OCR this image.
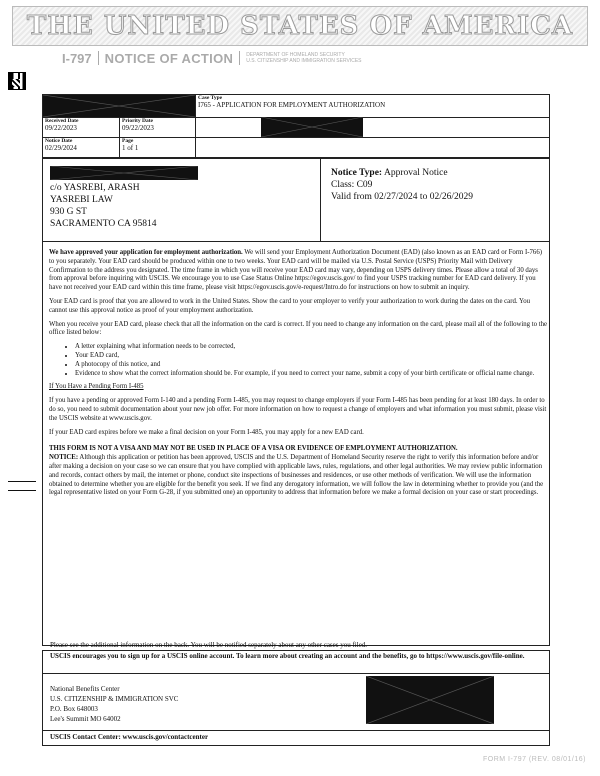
THE UNITED STATES OF AMERICA
I-797 NOTICE OF ACTION	DEPARTMENT OF HOMELAND SECURITY
U.S. CITIZENSHIP AND IMMIGRATION SERVICES
Case Type
I765 - APPLICATION FOR EMPLOYMENT AUTHORIZATION
Received Date
09/22/2023
Priority Date
09/22/2023
Notice Date
02/29/2024
Page
1 of 1
c/o YASREBI, ARASH
YASREBI LAW
930 G ST
SACRAMENTO CA 95814
Notice Type: Approval Notice
Class: C09
Valid from 02/27/2024 to 02/26/2029

We have approved your application for employment authorization. We will send your Employment Authorization Document (EAD) (also known as an EAD card or Form I-766) to you separately. Your EAD card should be produced within one to two weeks. Your EAD card will be mailed via U.S. Postal Service (USPS) Priority Mail with Delivery Confirmation to the address you designated. The time frame in which you will receive your EAD card may vary, depending on USPS delivery times. Please allow a total of 30 days from approval before inquiring with USCIS. We encourage you to use Case Status Online https://egov.uscis.gov/ to find your USPS tracking number for EAD card delivery. If you have not received your EAD card within this time frame, please visit https://egov.uscis.gov/e-request/Intro.do for instructions on how to submit an inquiry.

Your EAD card is proof that you are allowed to work in the United States. Show the card to your employer to verify your authorization to work during the dates on the card. You cannot use this approval notice as proof of your employment authorization.

When you receive your EAD card, please check that all the information on the card is correct. If you need to change any information on the card, please mail all of the following to the office listed below:

• A letter explaining what information needs to be corrected,
• Your EAD card,
• A photocopy of this notice, and
• Evidence to show what the correct information should be. For example, if you need to correct your name, submit a copy of your birth certificate or official name change.

If You Have a Pending Form I-485

If you have a pending or approved Form I-140 and a pending Form I-485, you may request to change employers if your Form I-485 has been pending for at least 180 days. In order to do so, you need to submit documentation about your new job offer. For more information on how to request a change of employers and what information you must submit, please visit the USCIS website at www.uscis.gov.

If your EAD card expires before we make a final decision on your Form I-485, you may apply for a new EAD card.

THIS FORM IS NOT A VISA AND MAY NOT BE USED IN PLACE OF A VISA OR EVIDENCE OF EMPLOYMENT AUTHORIZATION.
NOTICE: Although this application or petition has been approved, USCIS and the U.S. Department of Homeland Security reserve the right to verify this information before and/or after making a decision on your case so we can ensure that you have complied with applicable laws, rules, regulations, and other legal authorities. We may review public information and records, contact others by mail, the internet or phone, conduct site inspections of businesses and residences, or use other methods of verification. We will use the information obtained to determine whether you are eligible for the benefit you seek. If we find any derogatory information, we will follow the law in determining whether to provide you (and the legal representative listed on your Form G-28, if you submitted one) an opportunity to address that information before we make a formal decision on your case or start proceedings.

Please see the additional information on the back. You will be notified separately about any other cases you filed.
USCIS encourages you to sign up for a USCIS online account. To learn more about creating an account and the benefits, go to https://www.uscis.gov/file-online.
National Benefits Center
U.S. CITIZENSHIP & IMMIGRATION SVC
P.O. Box 648003
Lee's Summit MO 64002
USCIS Contact Center: www.uscis.gov/contactcenter
FORM I-797 (REV. 08/01/16)
